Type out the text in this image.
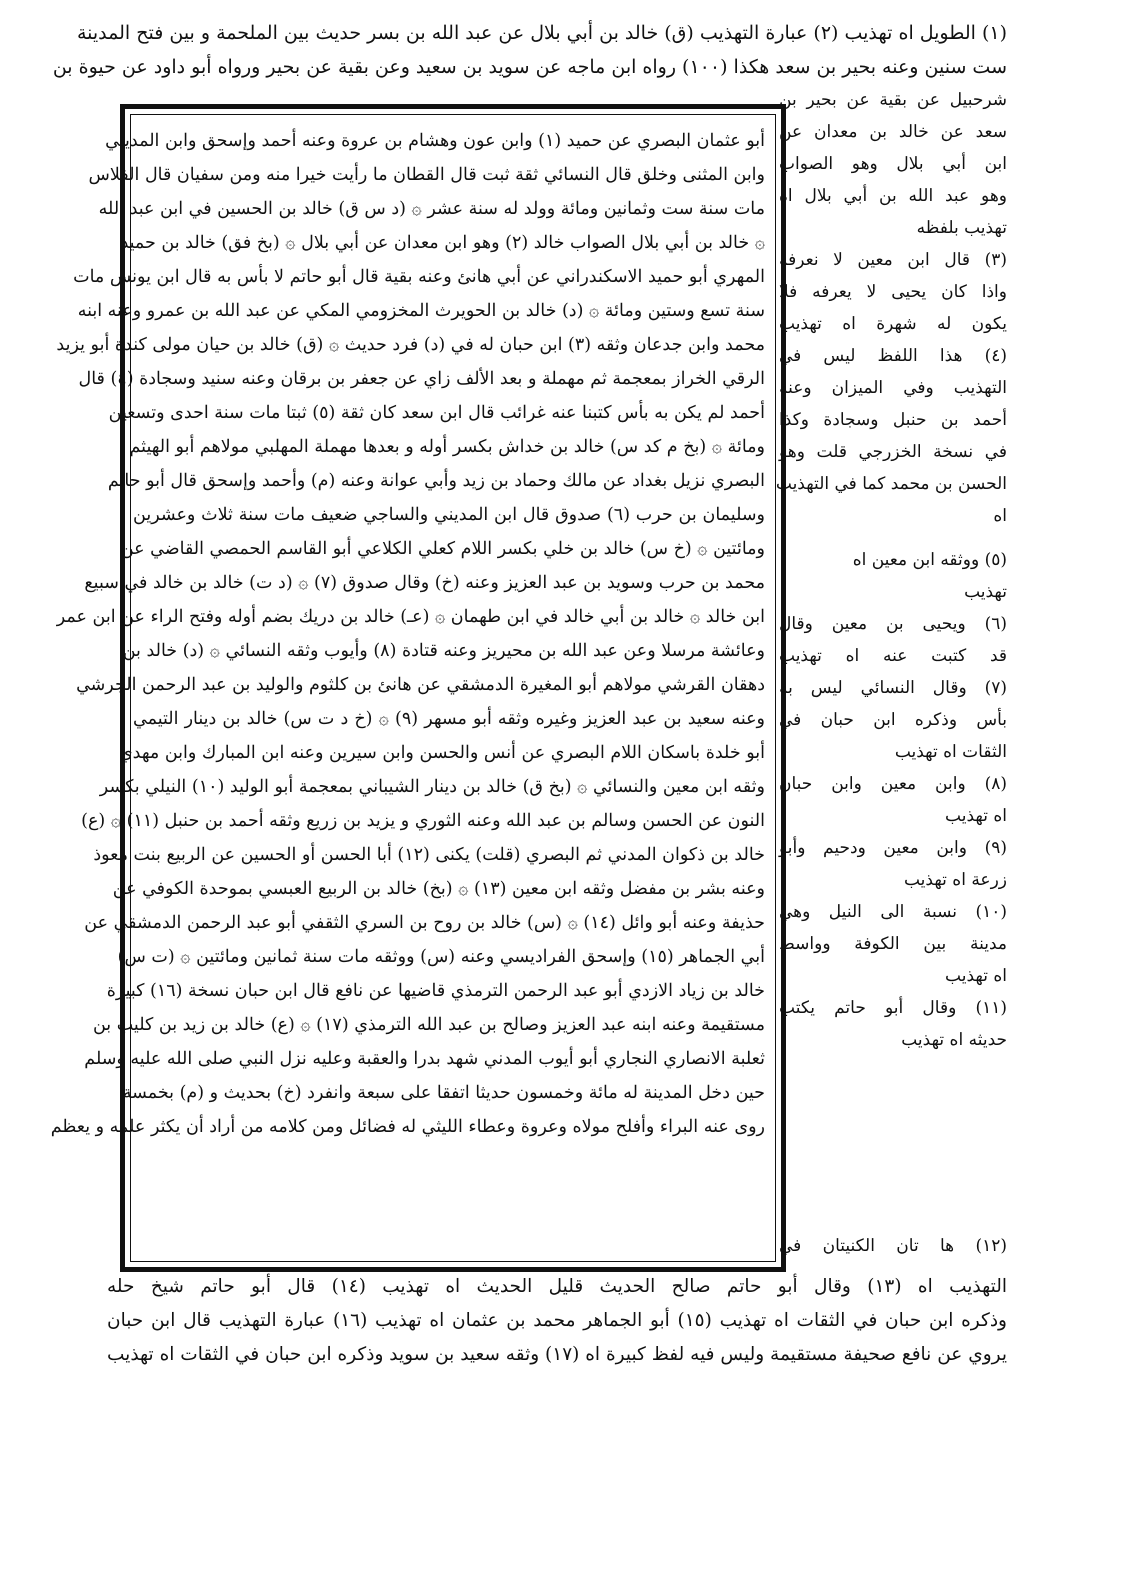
(١) الطويل اه تهذيب (٢) عبارة التهذيب (ق) خالد بن أبي بلال عن عبد الله بن بسر حديث بين الملحمة و بين فتح المدينة
ست سنين وعنه بحير بن سعد هكذا (١٠٠) رواه ابن ماجه عن سويد بن سعيد وعن بقية عن بحير ورواه أبو داود عن حيوة بن
أبو عثمان البصري عن حميد (١) وابن عون وهشام بن عروة وعنه أحمد وإسحق وابن المديني
وابن المثنى وخلق قال النسائي ثقة ثبت قال القطان ما رأيت خيرا منه ومن سفيان قال الفلاس
مات سنة ست وثمانين ومائة وولد له سنة عشر ۞ (د س ق) خالد بن الحسين في ابن عبد الله
۞ خالد بن أبي بلال الصواب خالد (٢) وهو ابن معدان عن أبي بلال ۞ (بخ فق) خالد بن حميد
المهري أبو حميد الاسكندراني عن أبي هانئ وعنه بقية قال أبو حاتم لا بأس به قال ابن يونس مات
سنة تسع وستين ومائة ۞ (د) خالد بن الحويرث المخزومي المكي عن عبد الله بن عمرو وعنه ابنه
محمد وابن جدعان وثقه (٣) ابن حبان له في (د) فرد حديث ۞ (ق) خالد بن حيان مولى كندة أبو يزيد
الرقي الخراز بمعجمة ثم مهملة و بعد الألف زاي عن جعفر بن برقان وعنه سنيد وسجادة (٤) قال
أحمد لم يكن به بأس كتبنا عنه غرائب قال ابن سعد كان ثقة (٥) ثبتا مات سنة احدى وتسعين
ومائة ۞ (بخ م كد س) خالد بن خداش بكسر أوله و بعدها مهملة المهلبي مولاهم أبو الهيثم
البصري نزيل بغداد عن مالك وحماد بن زيد وأبي عوانة وعنه (م) وأحمد وإسحق قال أبو حاتم
وسليمان بن حرب (٦) صدوق قال ابن المديني والساجي ضعيف مات سنة ثلاث وعشرين
ومائتين ۞ (خ س) خالد بن خلي بكسر اللام كعلي الكلاعي أبو القاسم الحمصي القاضي عن
محمد بن حرب وسويد بن عبد العزيز وعنه (خ) وقال صدوق (٧) ۞ (د ت) خالد بن خالد في سبيع
ابن خالد ۞ خالد بن أبي خالد في ابن طهمان ۞ (عـ) خالد بن دريك بضم أوله وفتح الراء عن ابن عمر
وعائشة مرسلا وعن عبد الله بن محيريز وعنه قتادة (٨) وأيوب وثقه النسائي ۞ (د) خالد بن
دهقان القرشي مولاهم أبو المغيرة الدمشقي عن هانئ بن كلثوم والوليد بن عبد الرحمن الجرشي
وعنه سعيد بن عبد العزيز وغيره وثقه أبو مسهر (٩) ۞ (خ د ت س) خالد بن دينار التيمي
أبو خلدة باسكان اللام البصري عن أنس والحسن وابن سيرين وعنه ابن المبارك وابن مهدي
وثقه ابن معين والنسائي ۞ (بخ ق) خالد بن دينار الشيباني بمعجمة أبو الوليد (١٠) النيلي بكسر
النون عن الحسن وسالم بن عبد الله وعنه الثوري و يزيد بن زريع وثقه أحمد بن حنبل (١١) ۞ (ع)
خالد بن ذكوان المدني ثم البصري (قلت) يكنى (١٢) أبا الحسن أو الحسين عن الربيع بنت معوذ
وعنه بشر بن مفضل وثقه ابن معين (١٣) ۞ (بخ) خالد بن الربيع العبسي بموحدة الكوفي عن
حذيفة وعنه أبو وائل (١٤) ۞ (س) خالد بن روح بن السري الثقفي أبو عبد الرحمن الدمشقي عن
أبي الجماهر (١٥) وإسحق الفراديسي وعنه (س) ووثقه مات سنة ثمانين ومائتين ۞ (ت س)
خالد بن زياد الازدي أبو عبد الرحمن الترمذي قاضيها عن نافع قال ابن حبان نسخة (١٦) كبيرة
مستقيمة وعنه ابنه عبد العزيز وصالح بن عبد الله الترمذي (١٧) ۞ (ع) خالد بن زيد بن كليب بن
ثعلبة الانصاري النجاري أبو أيوب المدني شهد بدرا والعقبة وعليه نزل النبي صلى الله عليه وسلم
حين دخل المدينة له مائة وخمسون حديثا اتفقا على سبعة وانفرد (خ) بحديث و (م) بخمسة
روى عنه البراء وأفلح مولاه وعروة وعطاء الليثي له فضائل ومن كلامه من أراد أن يكثر علمه و يعظم
شرحبيل عن بقية عن بحير بن
سعد عن خالد بن معدان عن
ابن أبي بلال وهو الصواب
وهو عبد الله بن أبي بلال اه
تهذيب بلفظه
(٣) قال ابن معين لا نعرفه
واذا كان يحيى لا يعرفه فلا
يكون له شهرة اه تهذيب
(٤) هذا اللفظ ليس في
التهذيب وفي الميزان وعنه
أحمد بن حنبل وسجادة وكذا
في نسخة الخزرجي قلت وهو
الحسن بن محمد كما في التهذيب
اه
(٥) ووثقه ابن معين اه
تهذيب
(٦) ويحيى بن معين وقال
قد كتبت عنه اه تهذيب
(٧) وقال النسائي ليس به
بأس وذكره ابن حبان في
الثقات اه تهذيب
(٨) وابن معين وابن حبان
اه تهذيب
(٩) وابن معين ودحيم وأبو
زرعة اه تهذيب
(١٠) نسبة الى النيل وهي
مدينة بين الكوفة وواسط
اه تهذيب
(١١) وقال أبو حاتم يكتب
حديثه اه تهذيب
(١٢) ها تان الكنيتان في
التهذيب اه (١٣) وقال أبو حاتم صالح الحديث قليل الحديث اه تهذيب (١٤) قال أبو حاتم شيخ حله
وذكره ابن حبان في الثقات اه تهذيب (١٥) أبو الجماهر محمد بن عثمان اه تهذيب (١٦) عبارة التهذيب قال ابن حبان
يروي عن نافع صحيفة مستقيمة وليس فيه لفظ كبيرة اه (١٧) وثقه سعيد بن سويد وذكره ابن حبان في الثقات اه تهذيب
